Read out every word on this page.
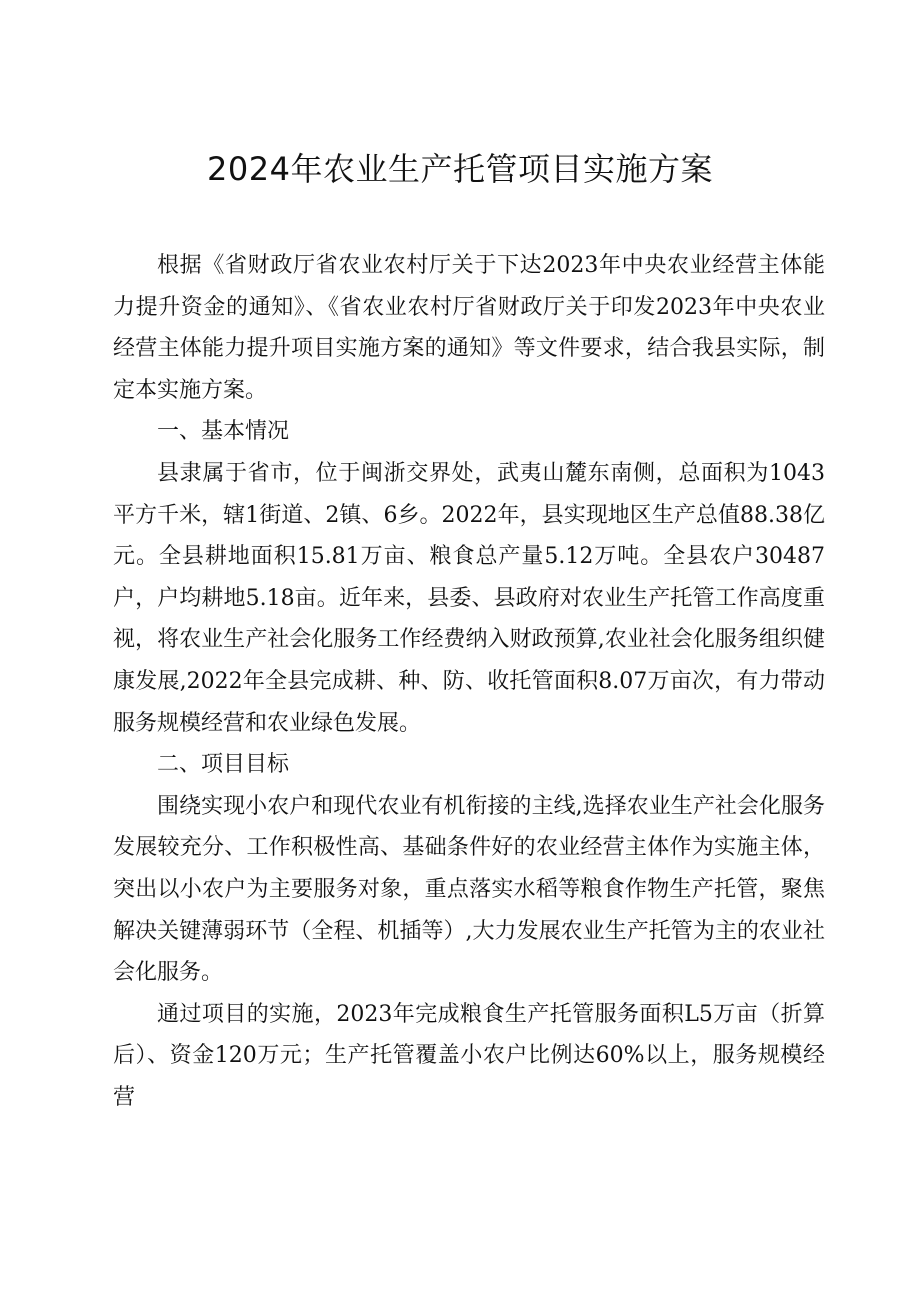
2024年农业生产托管项目实施方案

根据《省财政厅省农业农村厅关于下达2023年中央农业经营主体能力提升资金的通知》、《省农业农村厅省财政厅关于印发2023年中央农业经营主体能力提升项目实施方案的通知》等文件要求，结合我县实际，制定本实施方案。

一、基本情况

县隶属于省市，位于闽浙交界处，武夷山麓东南侧，总面积为1043平方千米，辖1街道、2镇、6乡。2022年，县实现地区生产总值88.38亿元。全县耕地面积15.81万亩、粮食总产量5.12万吨。全县农户30487户，户均耕地5.18亩。近年来，县委、县政府对农业生产托管工作高度重视，将农业生产社会化服务工作经费纳入财政预算,农业社会化服务组织健康发展,2022年全县完成耕、种、防、收托管面积8.07万亩次，有力带动服务规模经营和农业绿色发展。

二、项目目标

围绕实现小农户和现代农业有机衔接的主线,选择农业生产社会化服务发展较充分、工作积极性高、基础条件好的农业经营主体作为实施主体，突出以小农户为主要服务对象，重点落实水稻等粮食作物生产托管，聚焦解决关键薄弱环节（全程、机插等）,大力发展农业生产托管为主的农业社会化服务。

通过项目的实施，2023年完成粮食生产托管服务面积L5万亩（折算后）、资金120万元；生产托管覆盖小农户比例达60%以上，服务规模经营
